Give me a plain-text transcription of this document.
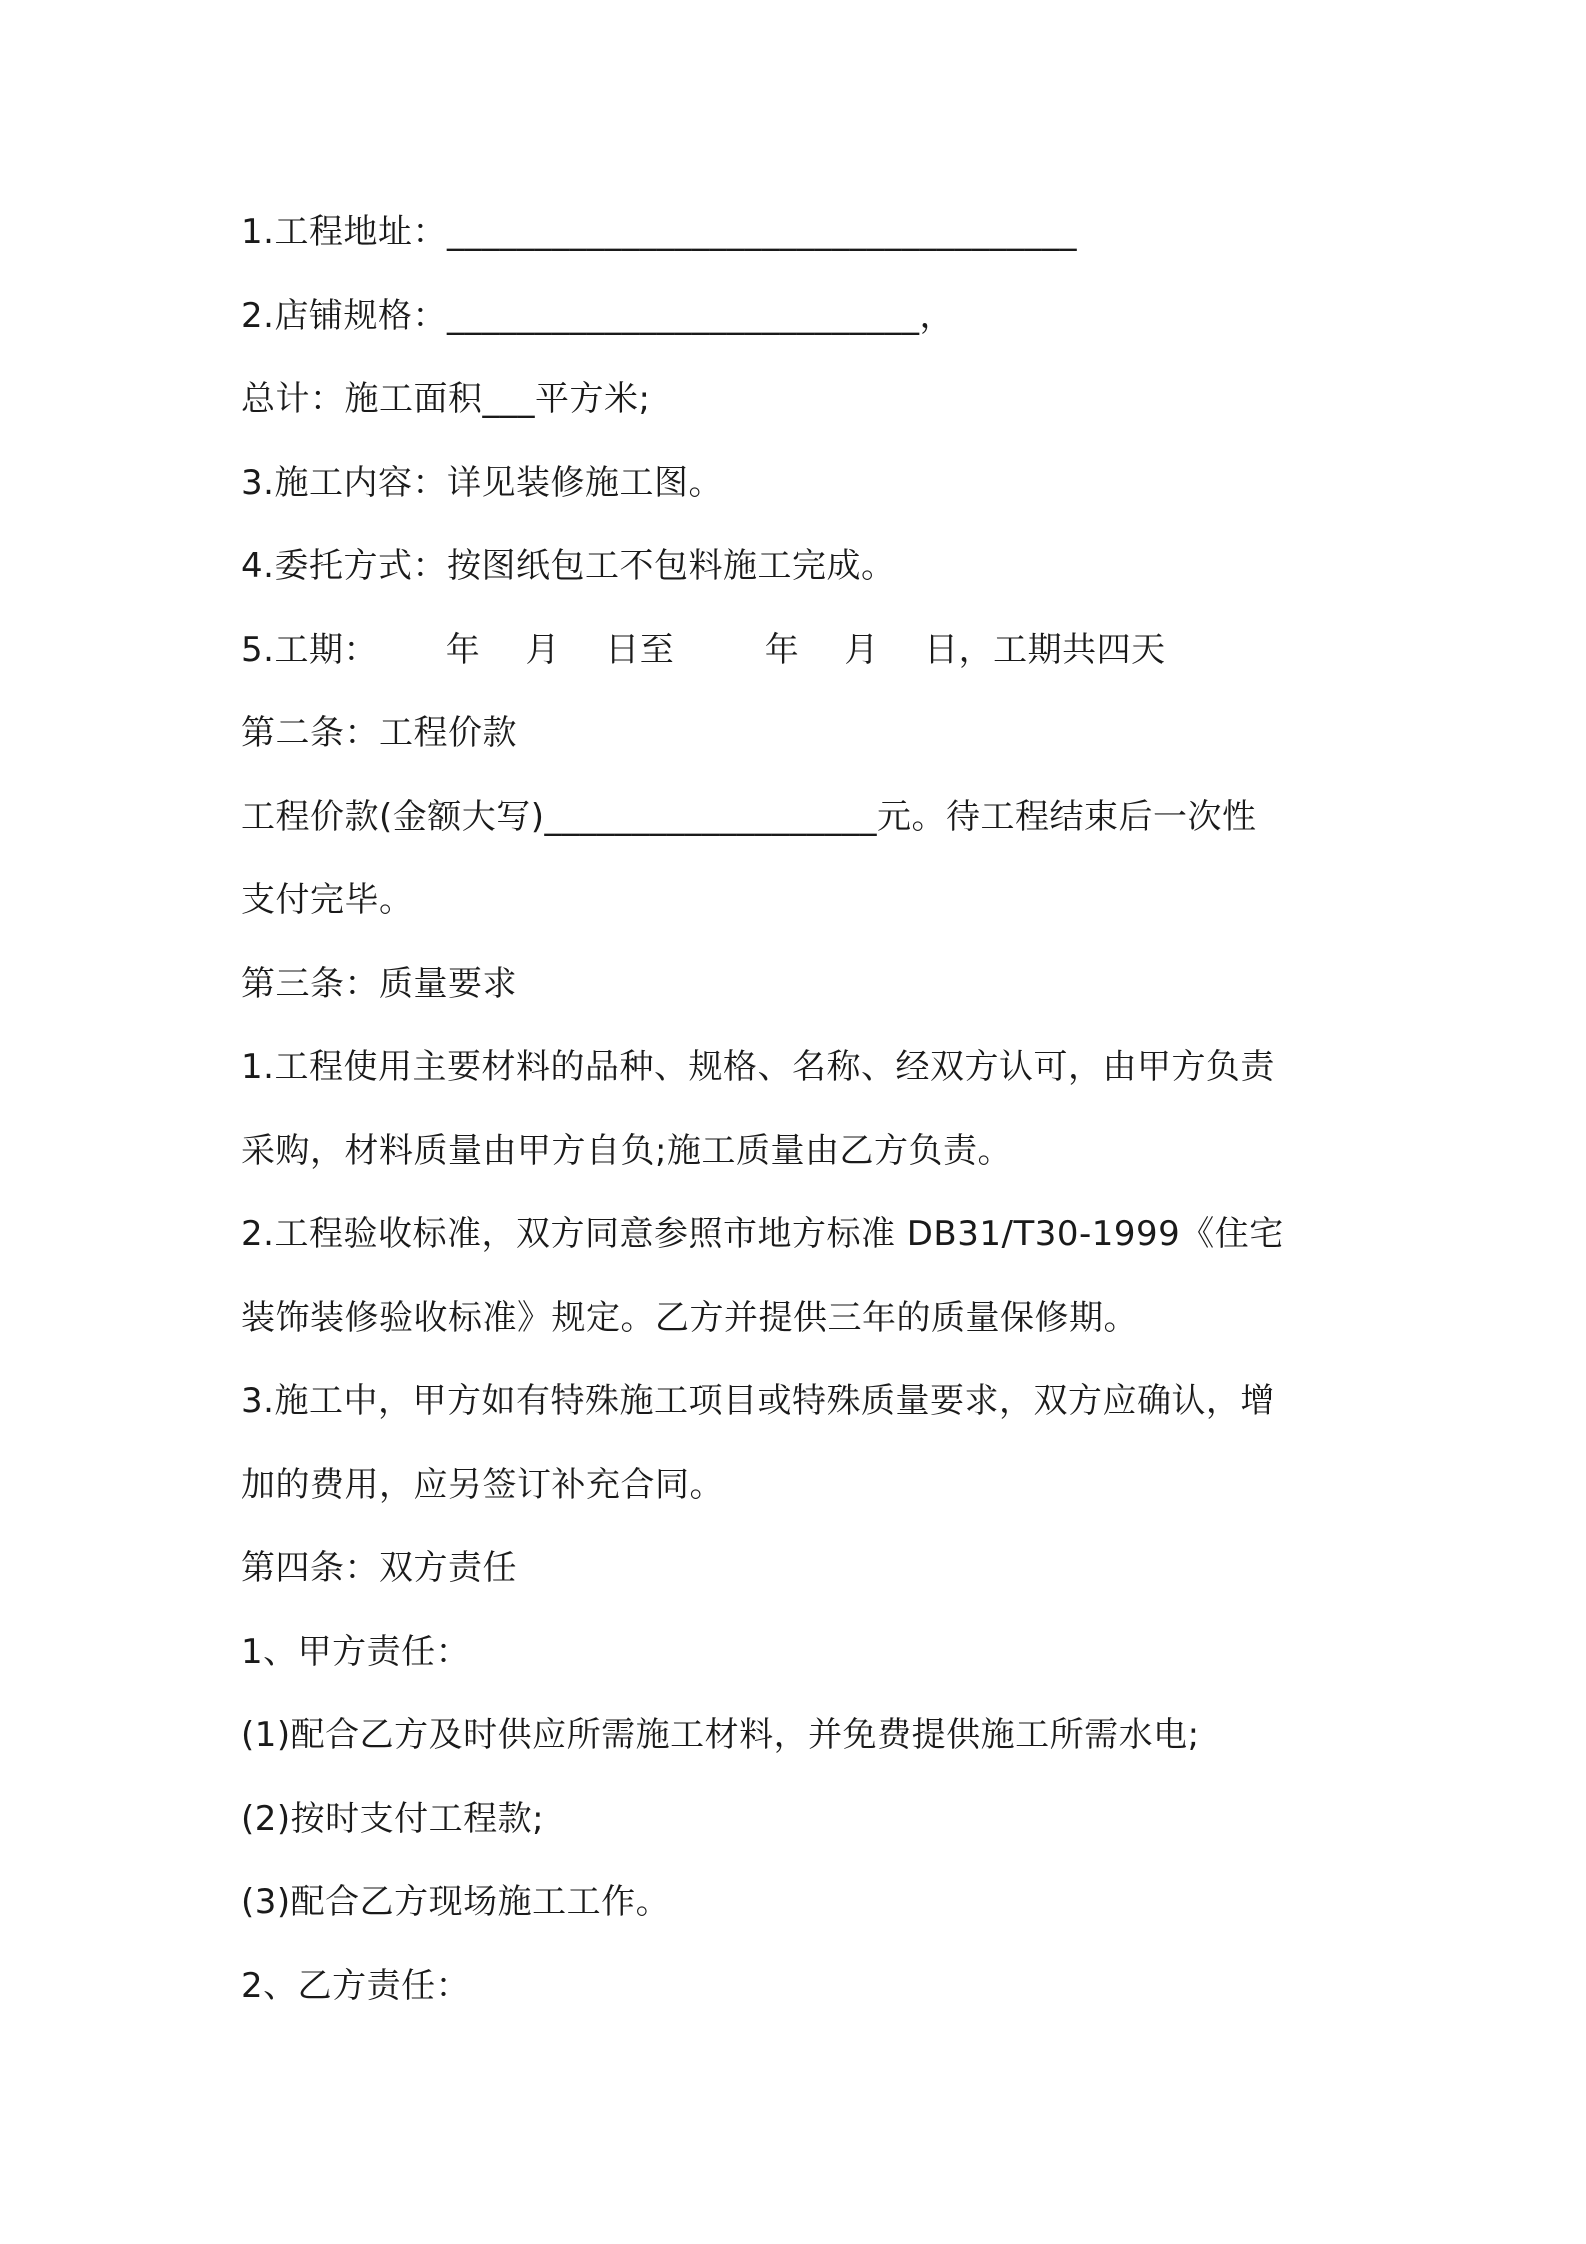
1.工程地址：____________________________________

2.店铺规格：___________________________，

总计：施工面积___平方米;

3.施工内容：详见装修施工图。

4.委托方式：按图纸包工不包料施工完成。

5.工期：      年    月    日至        年    月    日，工期共四天

第二条：工程价款

工程价款(金额大写)___________________元。待工程结束后一次性

支付完毕。

第三条：质量要求

1.工程使用主要材料的品种、规格、名称、经双方认可，由甲方负责

采购，材料质量由甲方自负;施工质量由乙方负责。

2.工程验收标准，双方同意参照市地方标准 DB31/T30-1999《住宅

装饰装修验收标准》规定。乙方并提供三年的质量保修期。

3.施工中，甲方如有特殊施工项目或特殊质量要求，双方应确认，增

加的费用，应另签订补充合同。

第四条：双方责任

1、甲方责任：

(1)配合乙方及时供应所需施工材料，并免费提供施工所需水电;

(2)按时支付工程款;

(3)配合乙方现场施工工作。

2、乙方责任：
